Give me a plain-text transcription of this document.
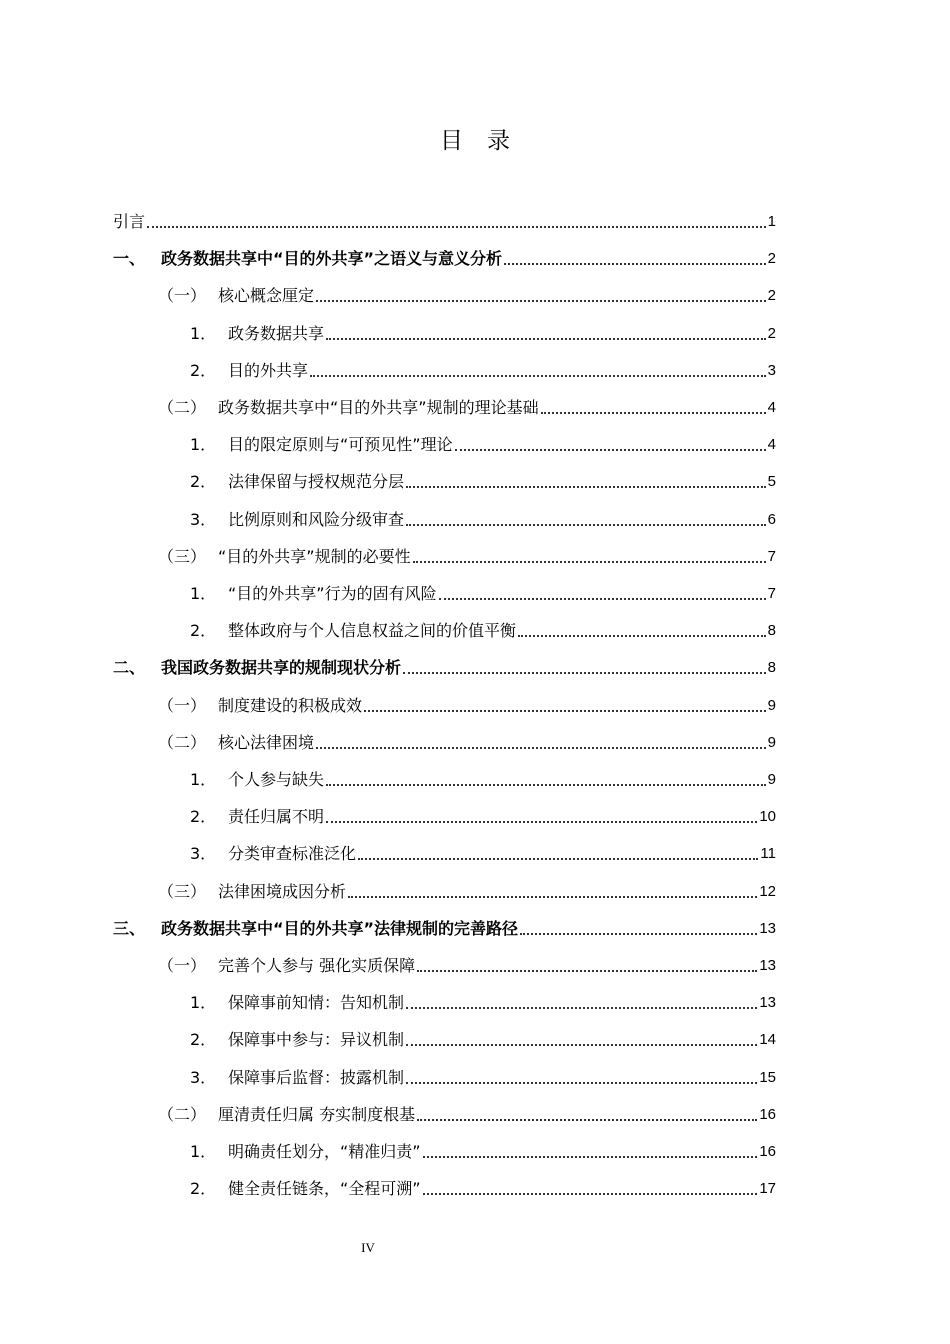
目 录
引言	1
一、 政务数据共享中“目的外共享”之语义与意义分析	2
（一） 核心概念厘定	2
1． 政务数据共享	2
2． 目的外共享	3
（二） 政务数据共享中“目的外共享”规制的理论基础	4
1． 目的限定原则与“可预见性”理论	4
2． 法律保留与授权规范分层	5
3． 比例原则和风险分级审查	6
（三） “目的外共享”规制的必要性	7
1． “目的外共享”行为的固有风险	7
2． 整体政府与个人信息权益之间的价值平衡	8
二、 我国政务数据共享的规制现状分析	8
（一） 制度建设的积极成效	9
（二） 核心法律困境	9
1． 个人参与缺失	9
2． 责任归属不明	10
3． 分类审查标准泛化	11
（三） 法律困境成因分析	12
三、 政务数据共享中“目的外共享”法律规制的完善路径	13
（一） 完善个人参与 强化实质保障	13
1． 保障事前知情：告知机制	13
2． 保障事中参与：异议机制	14
3． 保障事后监督：披露机制	15
（二） 厘清责任归属 夯实制度根基	16
1． 明确责任划分，“精准归责”	16
2． 健全责任链条，“全程可溯”	17
IV
